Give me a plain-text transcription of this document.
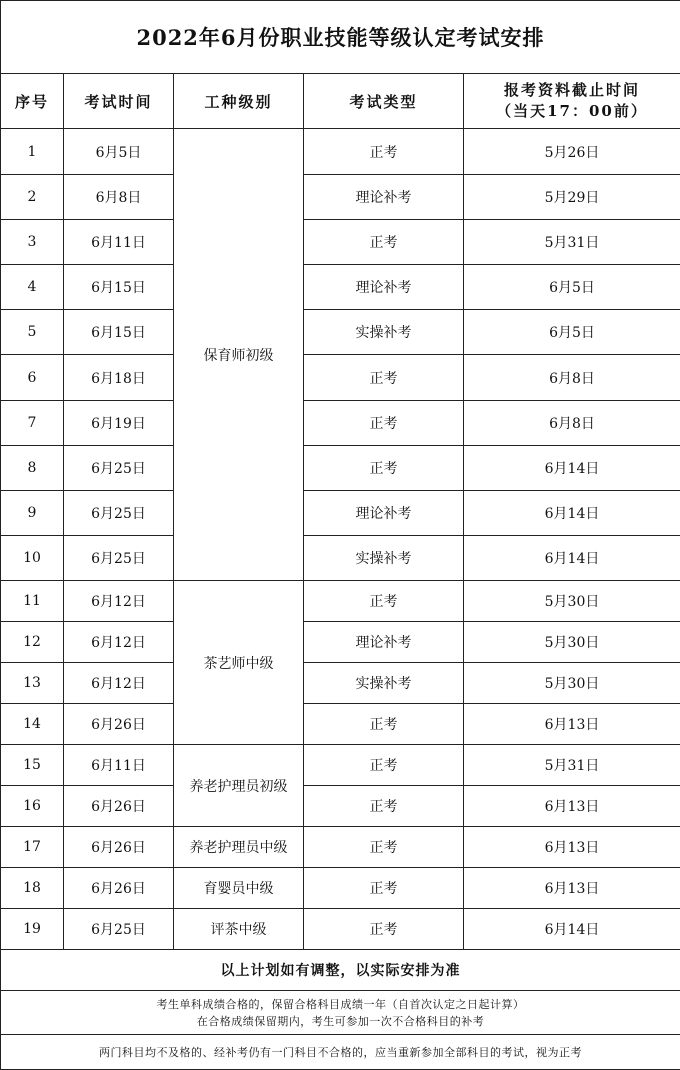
2022年6月份职业技能等级认定考试安排				
序号	考试时间	工种级别	考试类型	报考资料截止时间
（当天17：00前）

1	6月5日	保育师初级	正考	5月26日
2	6月8日		理论补考	5月29日
3	6月11日		正考	5月31日
4	6月15日		理论补考	6月5日
5	6月15日		实操补考	6月5日
6	6月18日		正考	6月8日
7	6月19日		正考	6月8日
8	6月25日		正考	6月14日
9	6月25日		理论补考	6月14日
10	6月25日		实操补考	6月14日
11	6月12日	茶艺师中级	正考	5月30日
12	6月12日		理论补考	5月30日
13	6月12日		实操补考	5月30日
14	6月26日		正考	6月13日
15	6月11日	养老护理员初级	正考	5月31日
16	6月26日		正考	6月13日
17	6月26日	养老护理员中级	正考	6月13日
18	6月26日	育婴员中级	正考	6月13日
19	6月25日	评茶中级	正考	6月14日
以上计划如有调整，以实际安排为准				

考生单科成绩合格的，保留合格科目成绩一年（自首次认定之日起计算）
在合格成绩保留期内，考生可参加一次不合格科目的补考				

两门科目均不及格的、经补考仍有一门科目不合格的，应当重新参加全部科目的考试，视为正考				
